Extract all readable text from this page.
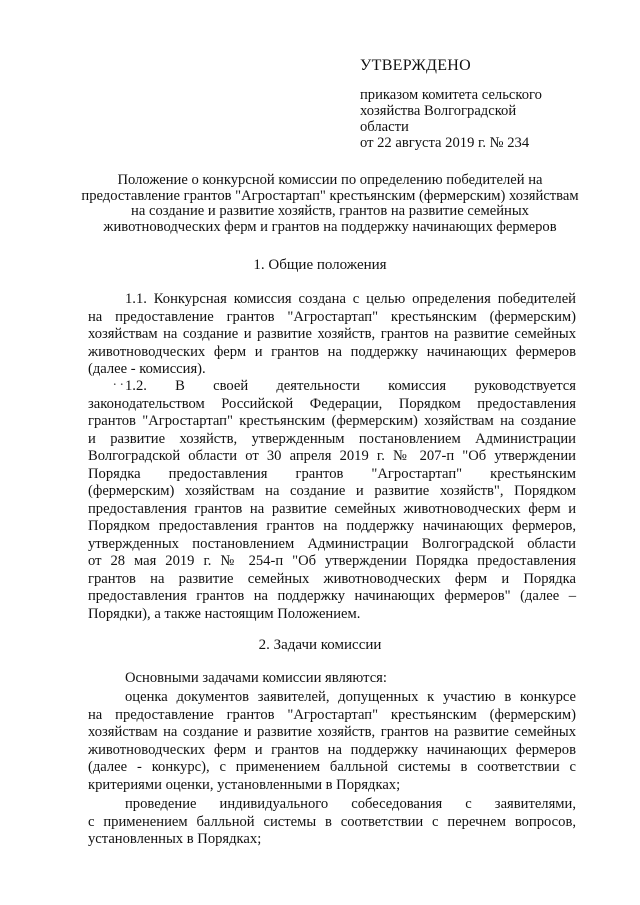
УТВЕРЖДЕНО
приказом комитета сельского
хозяйства Волгоградской
области
от 22 августа 2019 г. № 234
Положение о конкурсной комиссии по определению победителей на
предоставление грантов "Агростартап" крестьянским (фермерским) хозяйствам
на создание и развитие хозяйств, грантов на развитие семейных
животноводческих ферм и грантов на поддержку начинающих фермеров
1. Общие положения
1.1. Конкурсная комиссия создана с целью определения победителей
на предоставление грантов "Агростартап" крестьянским (фермерским)
хозяйствам на создание и развитие хозяйств, грантов на развитие семейных
животноводческих ферм и грантов на поддержку начинающих фермеров
(далее - комиссия).
. . 1.2. В своей деятельности комиссия руководствуется
законодательством Российской Федерации, Порядком предоставления
грантов "Агростартап" крестьянским (фермерским) хозяйствам на создание
и развитие хозяйств, утвержденным постановлением Администрации
Волгоградской области от 30 апреля 2019 г. № 207-п "Об утверждении
Порядка предоставления грантов "Агростартап" крестьянским
(фермерским) хозяйствам на создание и развитие хозяйств", Порядком
предоставления грантов на развитие семейных животноводческих ферм и
Порядком предоставления грантов на поддержку начинающих фермеров,
утвержденных постановлением Администрации Волгоградской области
от 28 мая 2019 г. № 254-п "Об утверждении Порядка предоставления
грантов на развитие семейных животноводческих ферм и Порядка
предоставления грантов на поддержку начинающих фермеров" (далее –
Порядки), а также настоящим Положением.
2. Задачи комиссии
Основными задачами комиссии являются:
оценка документов заявителей, допущенных к участию в конкурсе
на предоставление грантов "Агростартап" крестьянским (фермерским)
хозяйствам на создание и развитие хозяйств, грантов на развитие семейных
животноводческих ферм и грантов на поддержку начинающих фермеров
(далее - конкурс), с применением балльной системы в соответствии с
критериями оценки, установленными в Порядках;
проведение индивидуального собеседования с заявителями,
с применением балльной системы в соответствии с перечнем вопросов,
установленных в Порядках;
